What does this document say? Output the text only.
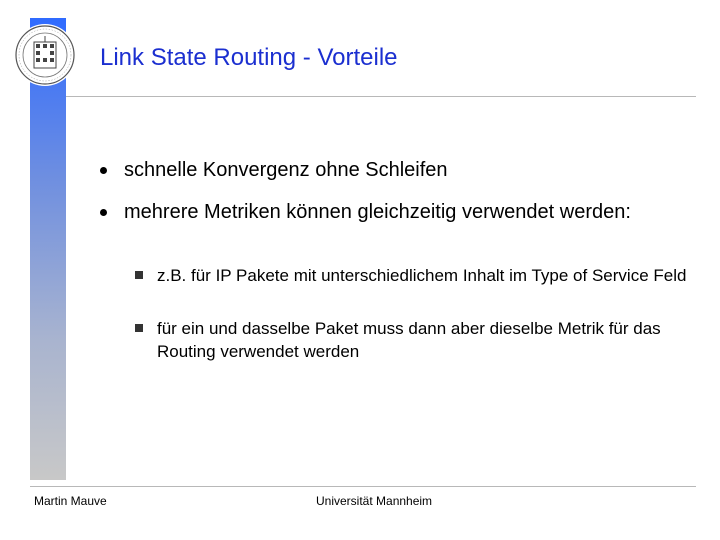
Link State Routing - Vorteile
schnelle Konvergenz ohne Schleifen
mehrere Metriken können gleichzeitig verwendet werden:
z.B. für IP Pakete mit unterschiedlichem Inhalt im Type of Service Feld
für ein und dasselbe Paket muss dann aber dieselbe Metrik für das Routing verwendet werden
Martin Mauve	Universität Mannheim
